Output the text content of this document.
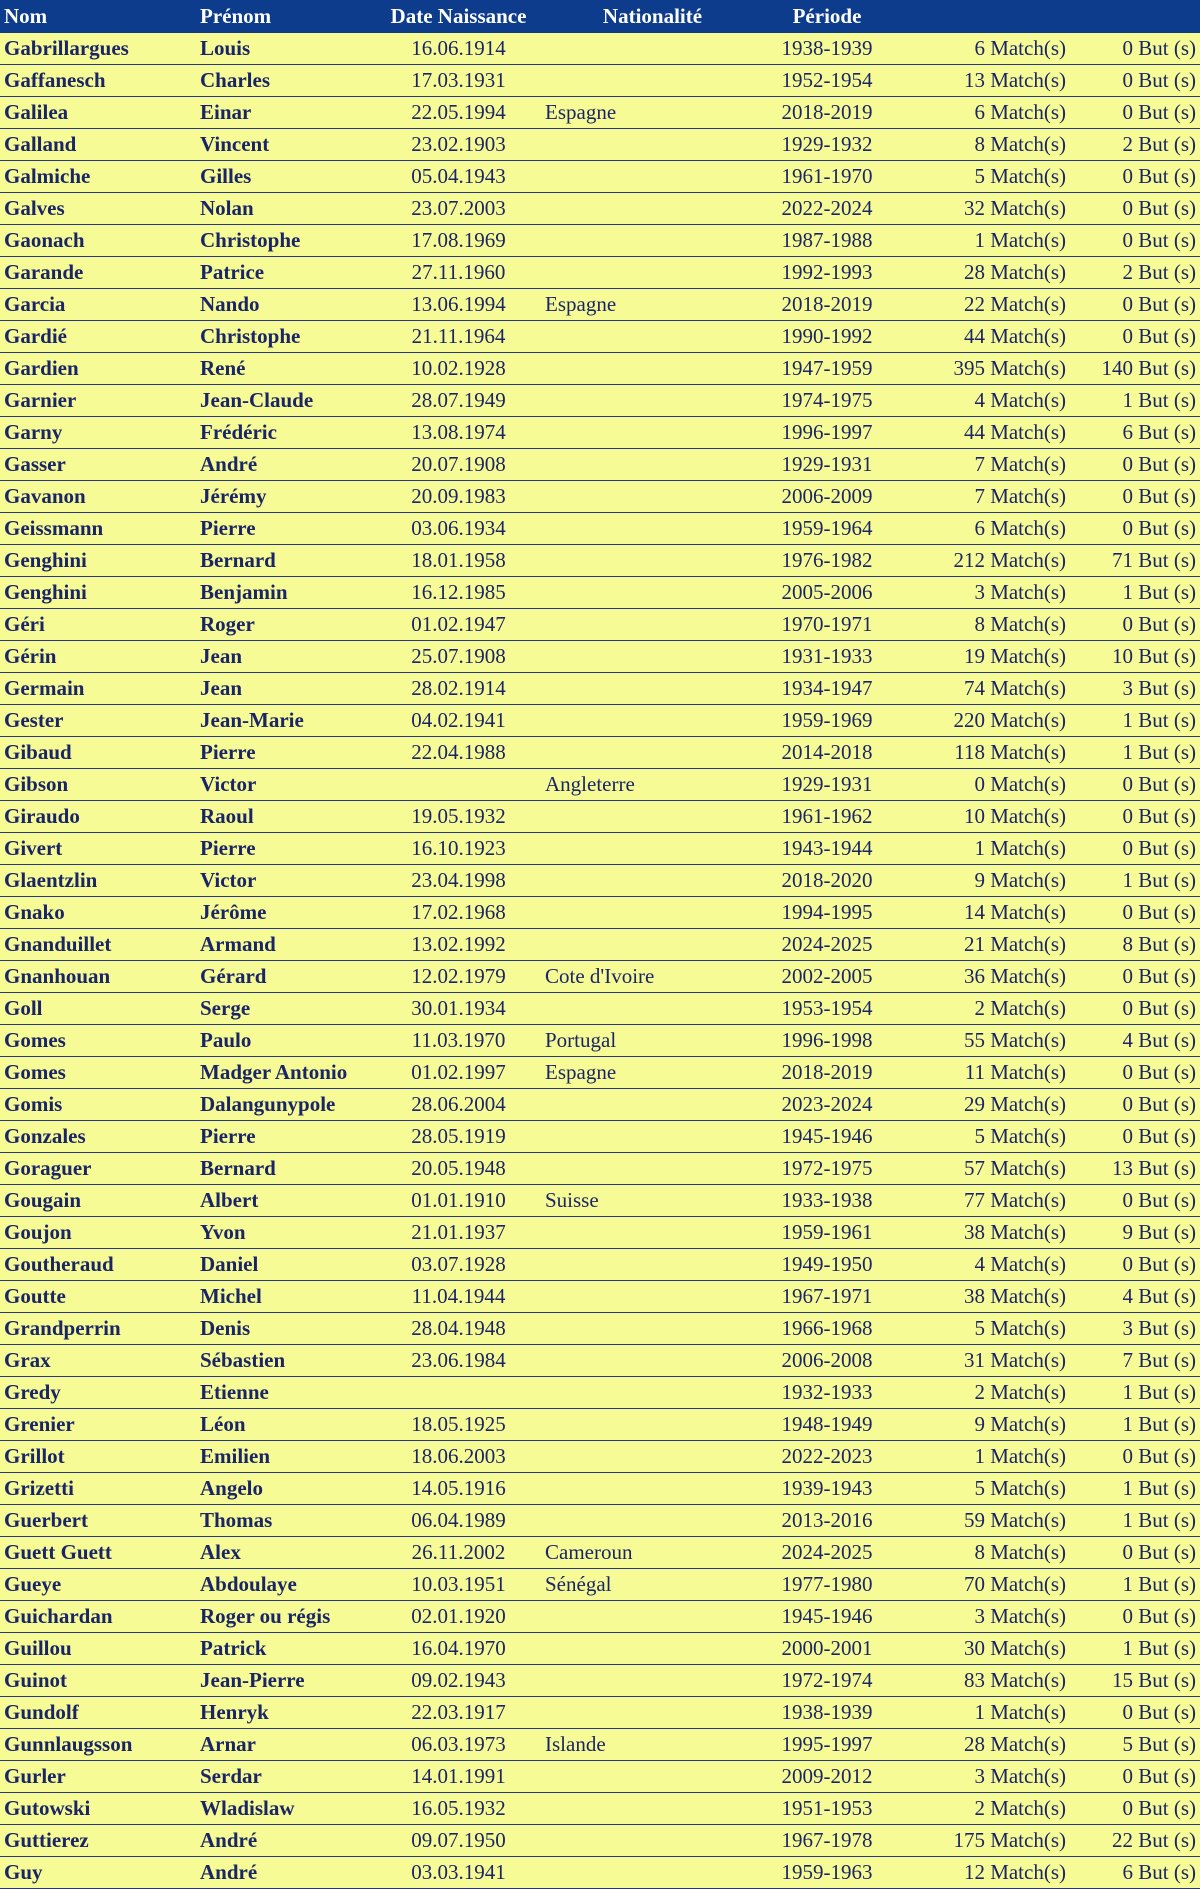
Nom	Prénom	Date Naissance	Nationalité	Période		
Gabrillargues	Louis	16.06.1914		1938-1939	6 Match(s)	0 But (s)
Gaffanesch	Charles	17.03.1931		1952-1954	13 Match(s)	0 But (s)
Galilea	Einar	22.05.1994	Espagne	2018-2019	6 Match(s)	0 But (s)
Galland	Vincent	23.02.1903		1929-1932	8 Match(s)	2 But (s)
Galmiche	Gilles	05.04.1943		1961-1970	5 Match(s)	0 But (s)
Galves	Nolan	23.07.2003		2022-2024	32 Match(s)	0 But (s)
Gaonach	Christophe	17.08.1969		1987-1988	1 Match(s)	0 But (s)
Garande	Patrice	27.11.1960		1992-1993	28 Match(s)	2 But (s)
Garcia	Nando	13.06.1994	Espagne	2018-2019	22 Match(s)	0 But (s)
Gardié	Christophe	21.11.1964		1990-1992	44 Match(s)	0 But (s)
Gardien	René	10.02.1928		1947-1959	395 Match(s)	140 But (s)
Garnier	Jean-Claude	28.07.1949		1974-1975	4 Match(s)	1 But (s)
Garny	Frédéric	13.08.1974		1996-1997	44 Match(s)	6 But (s)
Gasser	André	20.07.1908		1929-1931	7 Match(s)	0 But (s)
Gavanon	Jérémy	20.09.1983		2006-2009	7 Match(s)	0 But (s)
Geissmann	Pierre	03.06.1934		1959-1964	6 Match(s)	0 But (s)
Genghini	Bernard	18.01.1958		1976-1982	212 Match(s)	71 But (s)
Genghini	Benjamin	16.12.1985		2005-2006	3 Match(s)	1 But (s)
Géri	Roger	01.02.1947		1970-1971	8 Match(s)	0 But (s)
Gérin	Jean	25.07.1908		1931-1933	19 Match(s)	10 But (s)
Germain	Jean	28.02.1914		1934-1947	74 Match(s)	3 But (s)
Gester	Jean-Marie	04.02.1941		1959-1969	220 Match(s)	1 But (s)
Gibaud	Pierre	22.04.1988		2014-2018	118 Match(s)	1 But (s)
Gibson	Victor		Angleterre	1929-1931	0 Match(s)	0 But (s)
Giraudo	Raoul	19.05.1932		1961-1962	10 Match(s)	0 But (s)
Givert	Pierre	16.10.1923		1943-1944	1 Match(s)	0 But (s)
Glaentzlin	Victor	23.04.1998		2018-2020	9 Match(s)	1 But (s)
Gnako	Jérôme	17.02.1968		1994-1995	14 Match(s)	0 But (s)
Gnanduillet	Armand	13.02.1992		2024-2025	21 Match(s)	8 But (s)
Gnanhouan	Gérard	12.02.1979	Cote d'Ivoire	2002-2005	36 Match(s)	0 But (s)
Goll	Serge	30.01.1934		1953-1954	2 Match(s)	0 But (s)
Gomes	Paulo	11.03.1970	Portugal	1996-1998	55 Match(s)	4 But (s)
Gomes	Madger Antonio	01.02.1997	Espagne	2018-2019	11 Match(s)	0 But (s)
Gomis	Dalangunypole	28.06.2004		2023-2024	29 Match(s)	0 But (s)
Gonzales	Pierre	28.05.1919		1945-1946	5 Match(s)	0 But (s)
Goraguer	Bernard	20.05.1948		1972-1975	57 Match(s)	13 But (s)
Gougain	Albert	01.01.1910	Suisse	1933-1938	77 Match(s)	0 But (s)
Goujon	Yvon	21.01.1937		1959-1961	38 Match(s)	9 But (s)
Goutheraud	Daniel	03.07.1928		1949-1950	4 Match(s)	0 But (s)
Goutte	Michel	11.04.1944		1967-1971	38 Match(s)	4 But (s)
Grandperrin	Denis	28.04.1948		1966-1968	5 Match(s)	3 But (s)
Grax	Sébastien	23.06.1984		2006-2008	31 Match(s)	7 But (s)
Gredy	Etienne			1932-1933	2 Match(s)	1 But (s)
Grenier	Léon	18.05.1925		1948-1949	9 Match(s)	1 But (s)
Grillot	Emilien	18.06.2003		2022-2023	1 Match(s)	0 But (s)
Grizetti	Angelo	14.05.1916		1939-1943	5 Match(s)	1 But (s)
Guerbert	Thomas	06.04.1989		2013-2016	59 Match(s)	1 But (s)
Guett Guett	Alex	26.11.2002	Cameroun	2024-2025	8 Match(s)	0 But (s)
Gueye	Abdoulaye	10.03.1951	Sénégal	1977-1980	70 Match(s)	1 But (s)
Guichardan	Roger ou régis	02.01.1920		1945-1946	3 Match(s)	0 But (s)
Guillou	Patrick	16.04.1970		2000-2001	30 Match(s)	1 But (s)
Guinot	Jean-Pierre	09.02.1943		1972-1974	83 Match(s)	15 But (s)
Gundolf	Henryk	22.03.1917		1938-1939	1 Match(s)	0 But (s)
Gunnlaugsson	Arnar	06.03.1973	Islande	1995-1997	28 Match(s)	5 But (s)
Gurler	Serdar	14.01.1991		2009-2012	3 Match(s)	0 But (s)
Gutowski	Wladislaw	16.05.1932		1951-1953	2 Match(s)	0 But (s)
Guttierez	André	09.07.1950		1967-1978	175 Match(s)	22 But (s)
Guy	André	03.03.1941		1959-1963	12 Match(s)	6 But (s)
